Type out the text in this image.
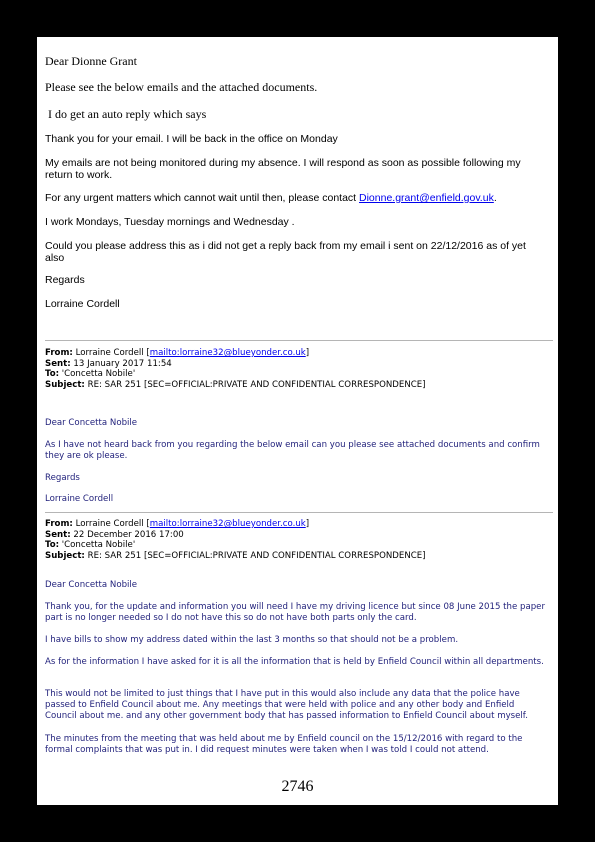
Dear Dionne Grant

Please see the below emails and the attached documents.

I do get an auto reply which says

Thank you for your email. I will be back in the office on Monday

My emails are not being monitored during my absence. I will respond as soon as possible following my return to work.

For any urgent matters which cannot wait until then, please contact Dionne.grant@enfield.gov.uk.

I work Mondays, Tuesday mornings and Wednesday .

Could you please address this as i did not get a reply back from my email i sent on 22/12/2016 as of yet also

Regards

Lorraine Cordell

From: Lorraine Cordell [mailto:lorraine32@blueyonder.co.uk]
Sent: 13 January 2017 11:54
To: 'Concetta Nobile'
Subject: RE: SAR 251 [SEC=OFFICIAL:PRIVATE AND CONFIDENTIAL CORRESPONDENCE]

Dear Concetta Nobile

As I have not heard back from you regarding the below email can you please see attached documents and confirm they are ok please.

Regards

Lorraine Cordell

From: Lorraine Cordell [mailto:lorraine32@blueyonder.co.uk]
Sent: 22 December 2016 17:00
To: 'Concetta Nobile'
Subject: RE: SAR 251 [SEC=OFFICIAL:PRIVATE AND CONFIDENTIAL CORRESPONDENCE]

Dear Concetta Nobile

Thank you, for the update and information you will need I have my driving licence but since 08 June 2015 the paper part is no longer needed so I do not have this so do not have both parts only the card.

I have bills to show my address dated within the last 3 months so that should not be a problem.

As for the information I have asked for it is all the information that is held by Enfield Council within all departments.

This would not be limited to just things that I have put in this would also include any data that the police have passed to Enfield Council about me. Any meetings that were held with police and any other body and Enfield Council about me. and any other government body that has passed information to Enfield Council about myself.

The minutes from the meeting that was held about me by Enfield council on the 15/12/2016 with regard to the formal complaints that was put in. I did request minutes were taken when I was told I could not attend.

2746
